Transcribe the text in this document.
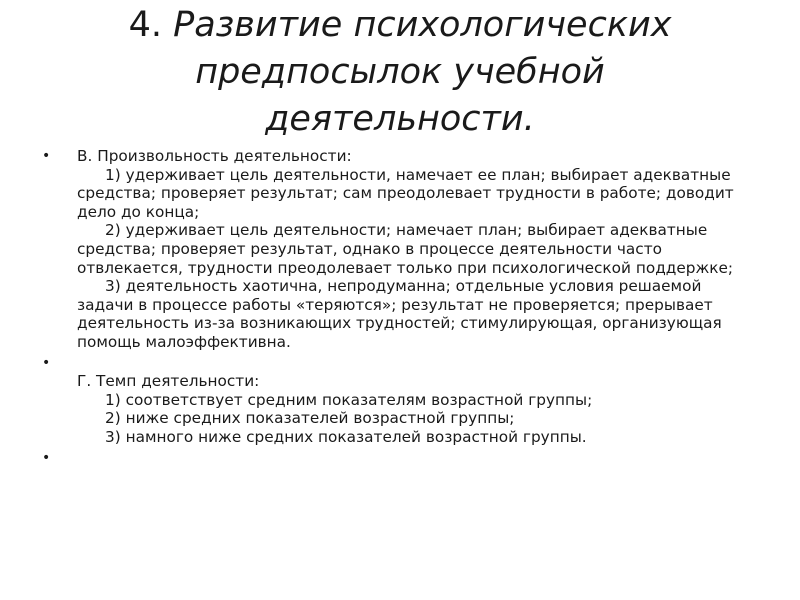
4. Развитие психологических предпосылок учебной деятельности.
• В. Произвольность деятельности:
1) удерживает цель деятельности, намечает ее план; выбирает адекватные средства; проверяет результат; сам преодолевает трудности в работе; доводит дело до конца;
2) удерживает цель деятельности; намечает план; выбирает адекватные средства; проверяет результат, однако в процессе деятельности часто отвлекается, трудности преодолевает только при психологической поддержке;
3) деятельность хаотична, непродуманна; отдельные условия решаемой задачи в процессе работы «теряются»; результат не проверяется; прерывает деятельность из-за возникающих трудностей; стимулирующая, организующая помощь малоэффективна.
•
Г. Темп деятельности:
1) соответствует средним показателям возрастной группы;
2) ниже средних показателей возрастной группы;
3) намного ниже средних показателей возрастной группы.
•
